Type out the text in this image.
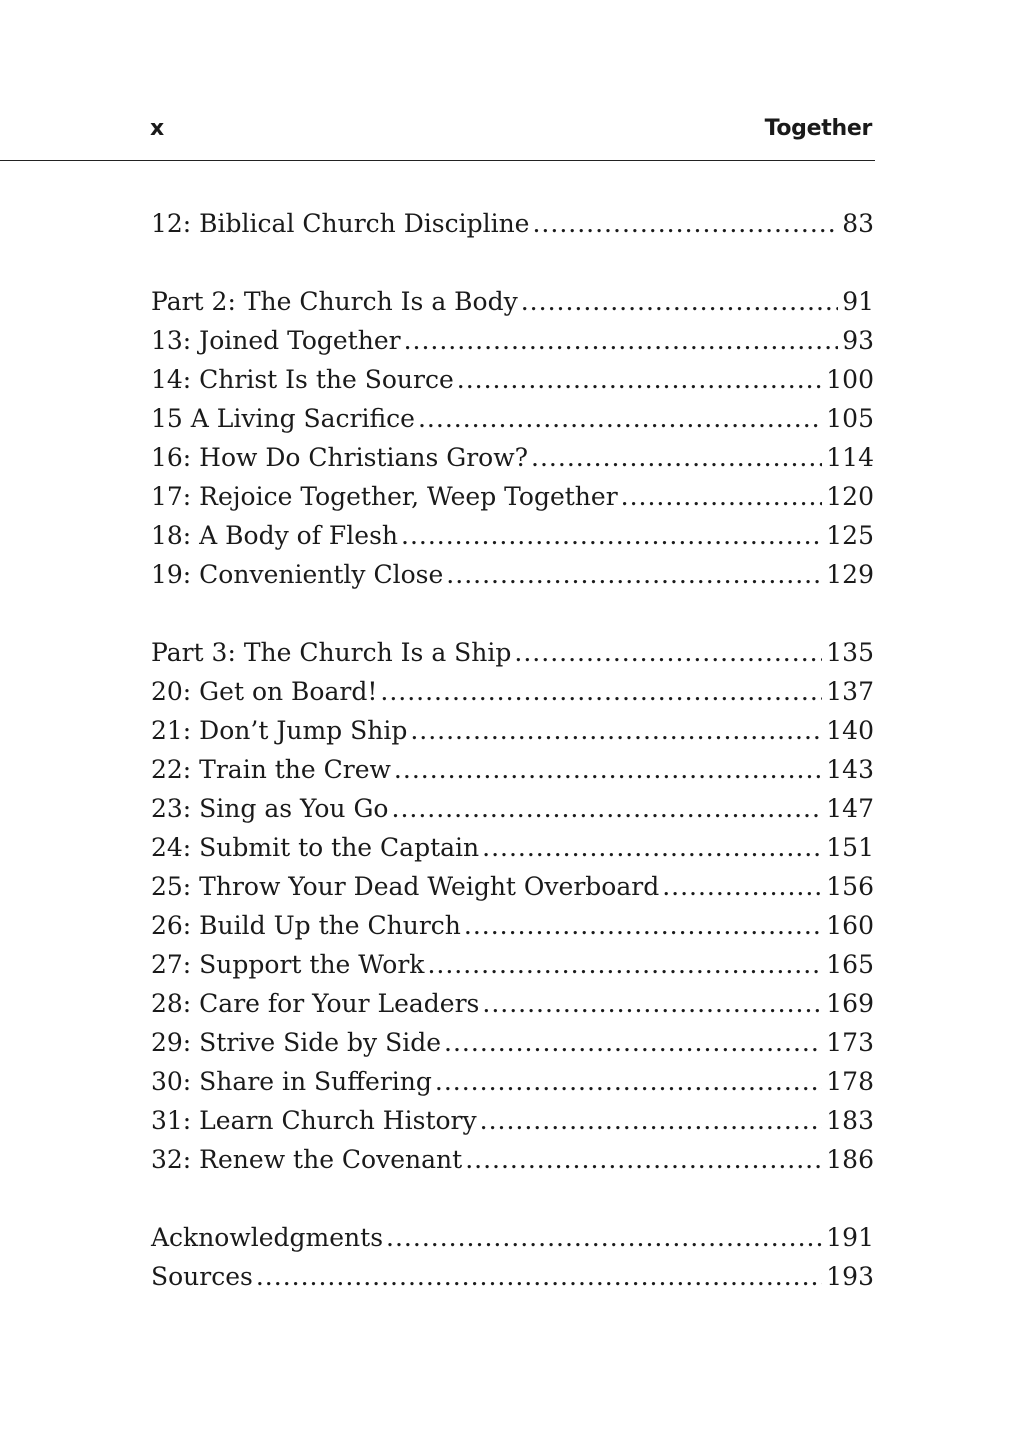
x	Together
12: Biblical Church Discipline .....	83
Part 2: The Church Is a Body .....	91
13: Joined Together .....	93
14: Christ Is the Source .....	100
15 A Living Sacrifice .....	105
16: How Do Christians Grow? .....	114
17: Rejoice Together, Weep Together .....	120
18: A Body of Flesh .....	125
19: Conveniently Close .....	129
Part 3: The Church Is a Ship .....	135
20: Get on Board! .....	137
21: Don’t Jump Ship .....	140
22: Train the Crew .....	143
23: Sing as You Go .....	147
24: Submit to the Captain .....	151
25: Throw Your Dead Weight Overboard .....	156
26: Build Up the Church .....	160
27: Support the Work .....	165
28: Care for Your Leaders .....	169
29: Strive Side by Side .....	173
30: Share in Suffering .....	178
31: Learn Church History .....	183
32: Renew the Covenant .....	186
Acknowledgments .....	191
Sources .....	193
